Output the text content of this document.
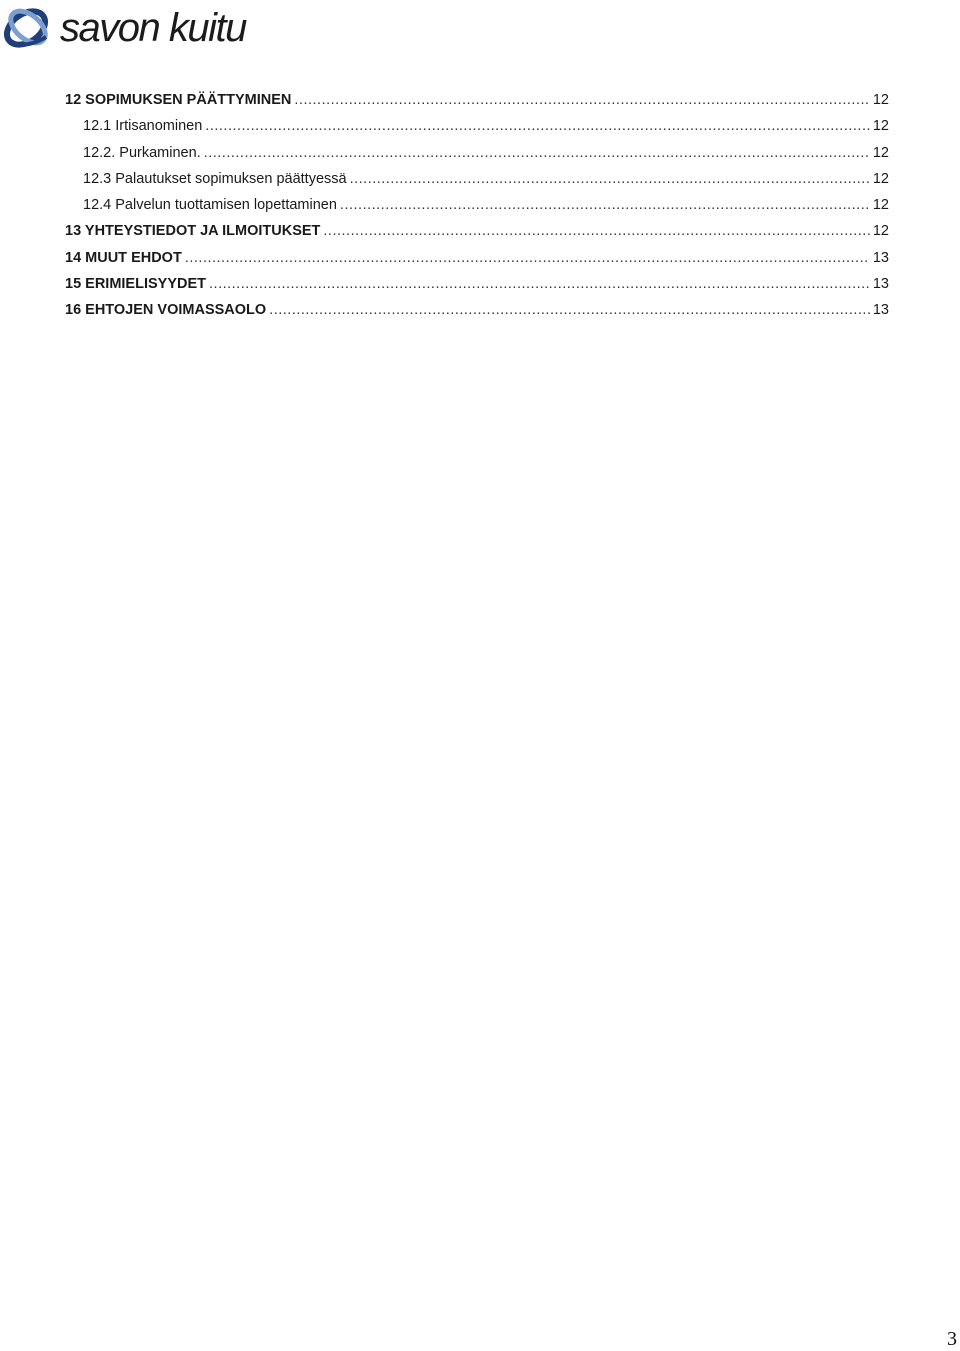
savon kuitu
12 SOPIMUKSEN PÄÄTTYMINEN .....	12
12.1 Irtisanominen .....	12
12.2. Purkaminen. .....	12
12.3 Palautukset sopimuksen päättyessä .....	12
12.4 Palvelun tuottamisen lopettaminen .....	12
13 YHTEYSTIEDOT JA ILMOITUKSET .....	12
14 MUUT EHDOT .....	13
15 ERIMIELISYYDET .....	13
16 EHTOJEN VOIMASSAOLO .....	13
3
